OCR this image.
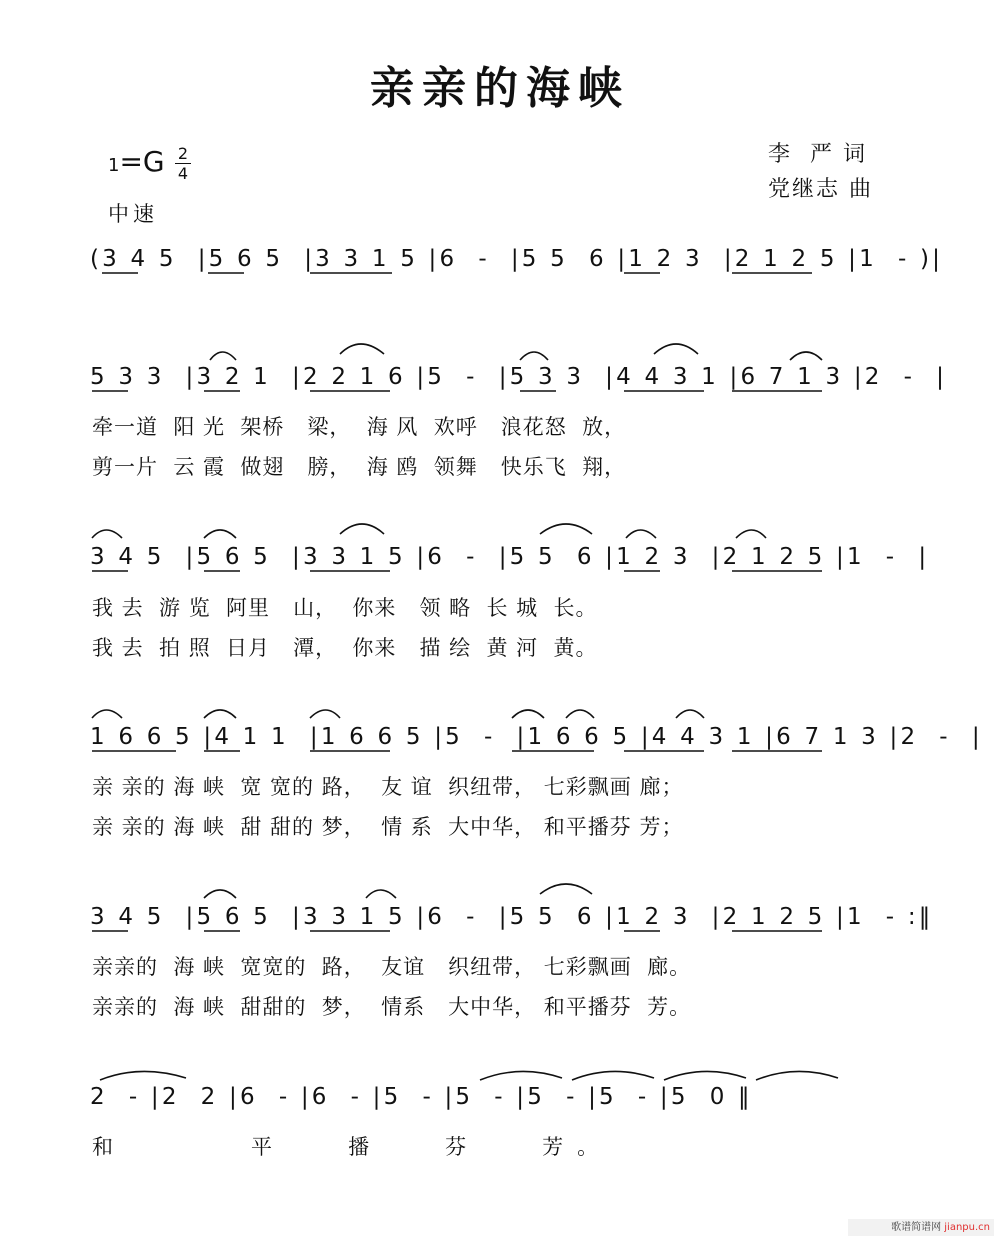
亲亲的海峡
李  严 词
党继志 曲
1=G 2
4
中速
(3 4 5  |5 6 5  |3 3 1 5 |6  -  |5 5  6 |1 2 3  |2 1 2 5 |1  - )|
5 3 3  |3 2 1  |2 2 1 6 |5  -  |5 3 3  |4 4 3 1 |6 7 1 3 |2  -  |
牵一道  阳 光  架桥   梁，  海 风  欢呼   浪花怒  放，
剪一片  云 霞  做翅   膀，  海 鸥  领舞   快乐飞  翔，
3 4 5  |5 6 5  |3 3 1 5 |6  -  |5 5  6 |1 2 3  |2 1 2 5 |1  -  |
我 去  游 览  阿里   山，  你来   领 略  长 城  长。
我 去  拍 照  日月   潭，  你来   描 绘  黄 河  黄。
1 6 6 5 |4 1 1  |1 6 6 5 |5  -  |1 6 6 5 |4 4 3 1 |6 7 1 3 |2  -  |
亲 亲的 海 峡  宽 宽的 路，  友 谊  织纽带， 七彩飘画 廊；
亲 亲的 海 峡  甜 甜的 梦，  情 系  大中华， 和平播芬 芳；
3 4 5  |5 6 5  |3 3 1 5 |6  -  |5 5  6 |1 2 3  |2 1 2 5 |1  - :‖
亲亲的  海 峡  宽宽的  路，  友谊   织纽带， 七彩飘画  廊。
亲亲的  海 峡  甜甜的  梦，  情系   大中华， 和平播芬  芳。
2  - |2  2 |6  - |6  - |5  - |5  - |5  - |5  - |5  0 ‖
和      平   播   芬   芳。
歌谱简谱网 jianpu.cn
